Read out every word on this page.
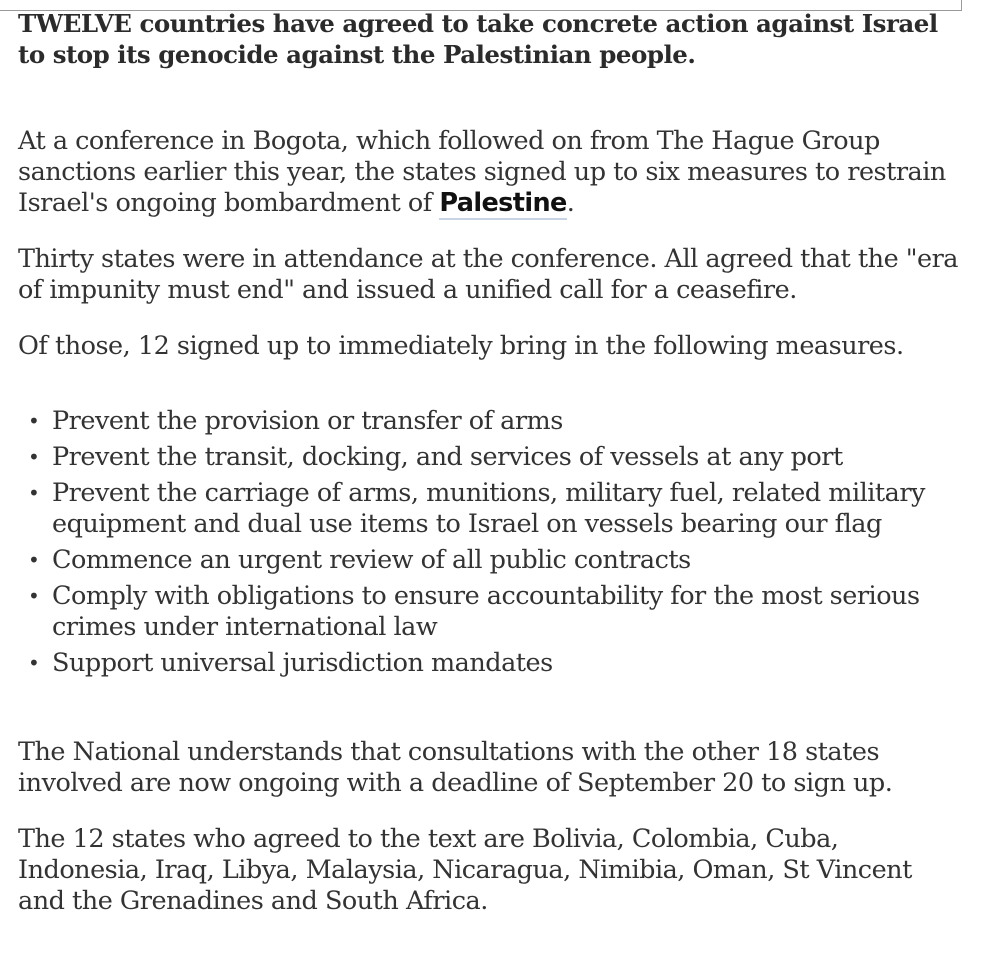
TWELVE countries have agreed to take concrete action against Israel to stop its genocide against the Palestinian people.

At a conference in Bogota, which followed on from The Hague Group sanctions earlier this year, the states signed up to six measures to restrain Israel's ongoing bombardment of Palestine.

Thirty states were in attendance at the conference. All agreed that the "era of impunity must end" and issued a unified call for a ceasefire.

Of those, 12 signed up to immediately bring in the following measures.

• Prevent the provision or transfer of arms
• Prevent the transit, docking, and services of vessels at any port
• Prevent the carriage of arms, munitions, military fuel, related military equipment and dual use items to Israel on vessels bearing our flag
• Commence an urgent review of all public contracts
• Comply with obligations to ensure accountability for the most serious crimes under international law
• Support universal jurisdiction mandates

The National understands that consultations with the other 18 states involved are now ongoing with a deadline of September 20 to sign up.

The 12 states who agreed to the text are Bolivia, Colombia, Cuba, Indonesia, Iraq, Libya, Malaysia, Nicaragua, Nimibia, Oman, St Vincent and the Grenadines and South Africa.
